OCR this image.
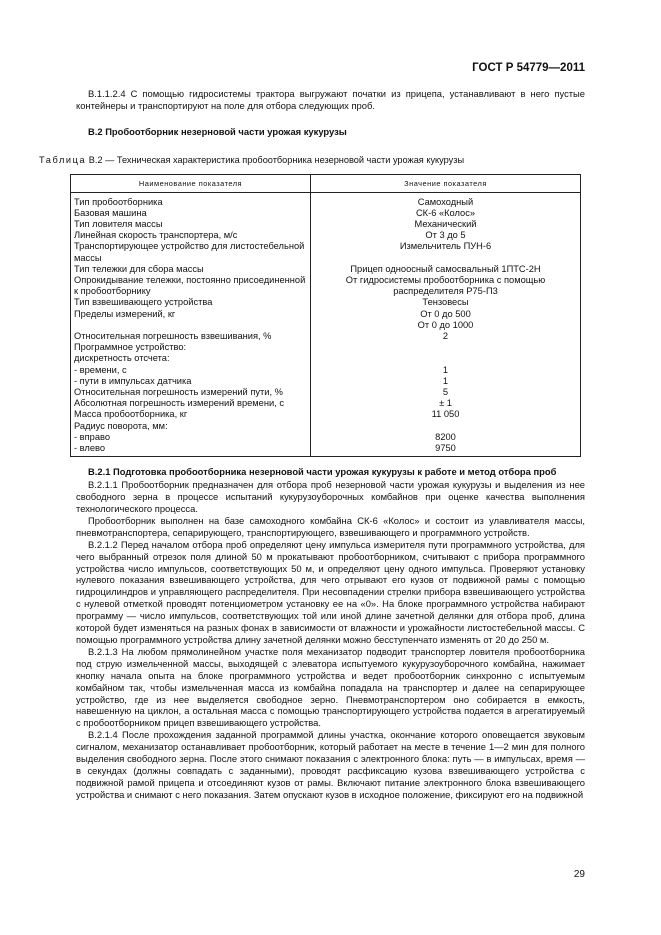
ГОСТ Р 54779—2011

В.1.1.2.4 С помощью гидросистемы трактора выгружают початки из прицепа, устанавливают в него пустые контейнеры и транспортируют на поле для отбора следующих проб.

В.2 Пробоотборник незерновой части урожая кукурузы

Таблица В.2 — Техническая характеристика пробоотборника незерновой части урожая кукурузы
Наименование показателя	Значение показателя
Тип пробоотборника	Самоходный
Базовая машина	СК-6 «Колос»
Тип ловителя массы	Механический
Линейная скорость транспортера, м/с	От 3 до 5
Транспортирующее устройство для листостебельной массы	Измельчитель ПУН-6
Тип тележки для сбора массы	Прицеп одноосный самосвальный 1ПТС-2Н
Опрокидывание тележки, постоянно присоединенной к пробоотборнику	От гидросистемы пробоотборника с помощью распределителя Р75-П3
Тип взвешивающего устройства	Тензовесы
Пределы измерений, кг	От 0 до 500
	От 0 до 1000
Относительная погрешность взвешивания, %	2
Программное устройство:	
дискретность отсчета:	
- времени, с	1
- пути в импульсах датчика	1
Относительная погрешность измерений пути, %	5
Абсолютная погрешность измерений времени, с	± 1
Масса пробоотборника, кг	11 050
Радиус поворота, мм:	
- вправо	8200
- влево	9750

В.2.1 Подготовка пробоотборника незерновой части урожая кукурузы к работе и метод отбора проб

В.2.1.1 Пробоотборник предназначен для отбора проб незерновой части урожая кукурузы и выделения из нее свободного зерна в процессе испытаний кукурузоуборочных комбайнов при оценке качества выполнения технологического процесса.

Пробоотборник выполнен на базе самоходного комбайна СК-6 «Колос» и состоит из улавливателя массы, пневмотранспортера, сепарирующего, транспортирующего, взвешивающего и программного устройств.

В.2.1.2 Перед началом отбора проб определяют цену импульса измерителя пути программного устройства, для чего выбранный отрезок поля длиной 50 м прокатывают пробоотборником, считывают с прибора программного устройства число импульсов, соответствующих 50 м, и определяют цену одного импульса. Проверяют установку нулевого показания взвешивающего устройства, для чего отрывают его кузов от подвижной рамы с помощью гидроцилиндров и управляющего распределителя. При несовпадении стрелки прибора взвешивающего устройства с нулевой отметкой проводят потенциометром установку ее на «0». На блоке программного устройства набирают программу — число импульсов, соответствующих той или иной длине зачетной делянки для отбора проб, длина которой будет изменяться на разных фонах в зависимости от влажности и урожайности листостебельной массы. С помощью программного устройства длину зачетной делянки можно бесступенчато изменять от 20 до 250 м.

В.2.1.3 На любом прямолинейном участке поля механизатор подводит транспортер ловителя пробоотборника под струю измельченной массы, выходящей с элеватора испытуемого кукурузоуборочного комбайна, нажимает кнопку начала опыта на блоке программного устройства и ведет пробоотборник синхронно с испытуемым комбайном так, чтобы измельченная масса из комбайна попадала на транспортер и далее на сепарирующее устройство, где из нее выделяется свободное зерно. Пневмотранспортером оно собирается в емкость, навешенную на циклон, а остальная масса с помощью транспортирующего устройства подается в агрегатируемый с пробоотборником прицеп взвешивающего устройства.

В.2.1.4 После прохождения заданной программой длины участка, окончание которого оповещается звуковым сигналом, механизатор останавливает пробоотборник, который работает на месте в течение 1—2 мин для полного выделения свободного зерна. После этого снимают показания с электронного блока: путь — в импульсах, время — в секундах (должны совпадать с заданными), проводят расфиксацию кузова взвешивающего устройства с подвижной рамой прицепа и отсоединяют кузов от рамы. Включают питание электронного блока взвешивающего устройства и снимают с него показания. Затем опускают кузов в исходное положение, фиксируют его на подвижной

29
